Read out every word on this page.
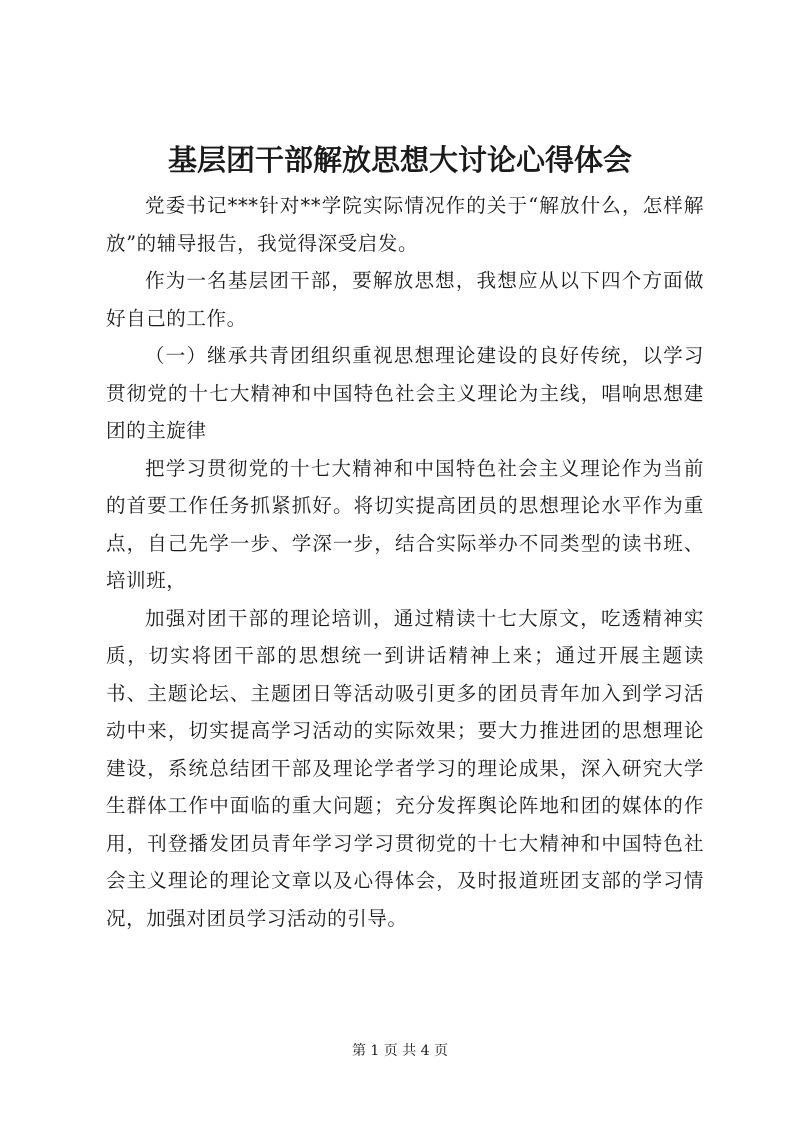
基层团干部解放思想大讨论心得体会

党委书记***针对**学院实际情况作的关于“解放什么，怎样解放”的辅导报告，我觉得深受启发。

作为一名基层团干部，要解放思想，我想应从以下四个方面做好自己的工作。

（一）继承共青团组织重视思想理论建设的良好传统，以学习贯彻党的十七大精神和中国特色社会主义理论为主线，唱响思想建团的主旋律

把学习贯彻党的十七大精神和中国特色社会主义理论作为当前的首要工作任务抓紧抓好。将切实提高团员的思想理论水平作为重点，自己先学一步、学深一步，结合实际举办不同类型的读书班、培训班，

加强对团干部的理论培训，通过精读十七大原文，吃透精神实质，切实将团干部的思想统一到讲话精神上来；通过开展主题读书、主题论坛、主题团日等活动吸引更多的团员青年加入到学习活动中来，切实提高学习活动的实际效果；要大力推进团的思想理论建设，系统总结团干部及理论学者学习的理论成果，深入研究大学生群体工作中面临的重大问题；充分发挥舆论阵地和团的媒体的作用，刊登播发团员青年学习学习贯彻党的十七大精神和中国特色社会主义理论的理论文章以及心得体会，及时报道班团支部的学习情况，加强对团员学习活动的引导。

第 1 页 共 4 页
